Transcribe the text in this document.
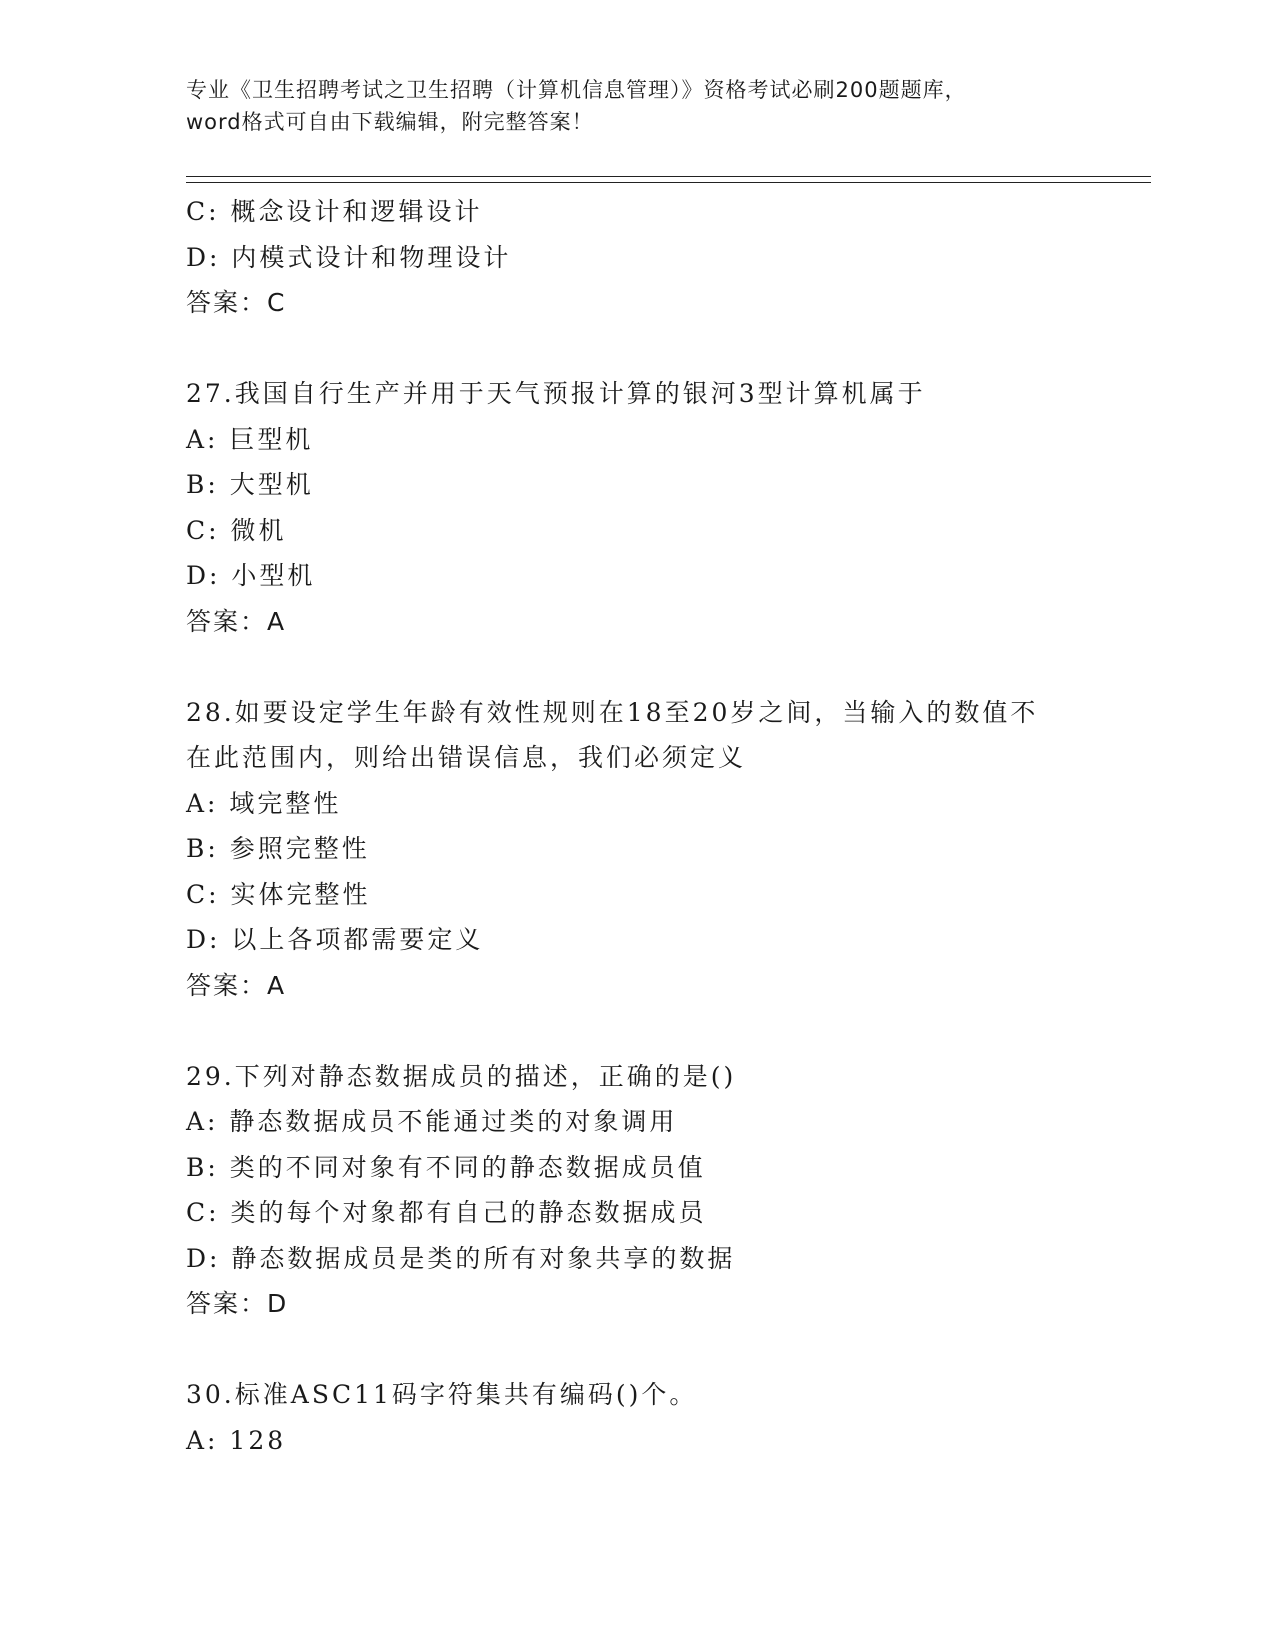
专业《卫生招聘考试之卫生招聘（计算机信息管理）》资格考试必刷200题题库，
word格式可自由下载编辑，附完整答案！
C: 概念设计和逻辑设计
D: 内模式设计和物理设计
答案：C
27.我国自行生产并用于天气预报计算的银河3型计算机属于
A: 巨型机
B: 大型机
C: 微机
D: 小型机
答案：A
28.如要设定学生年龄有效性规则在18至20岁之间，当输入的数值不
在此范围内，则给出错误信息，我们必须定义
A: 域完整性
B: 参照完整性
C: 实体完整性
D: 以上各项都需要定义
答案：A
29.下列对静态数据成员的描述，正确的是()
A: 静态数据成员不能通过类的对象调用
B: 类的不同对象有不同的静态数据成员值
C: 类的每个对象都有自己的静态数据成员
D: 静态数据成员是类的所有对象共享的数据
答案：D
30.标准ASC11码字符集共有编码()个。
A: 128
